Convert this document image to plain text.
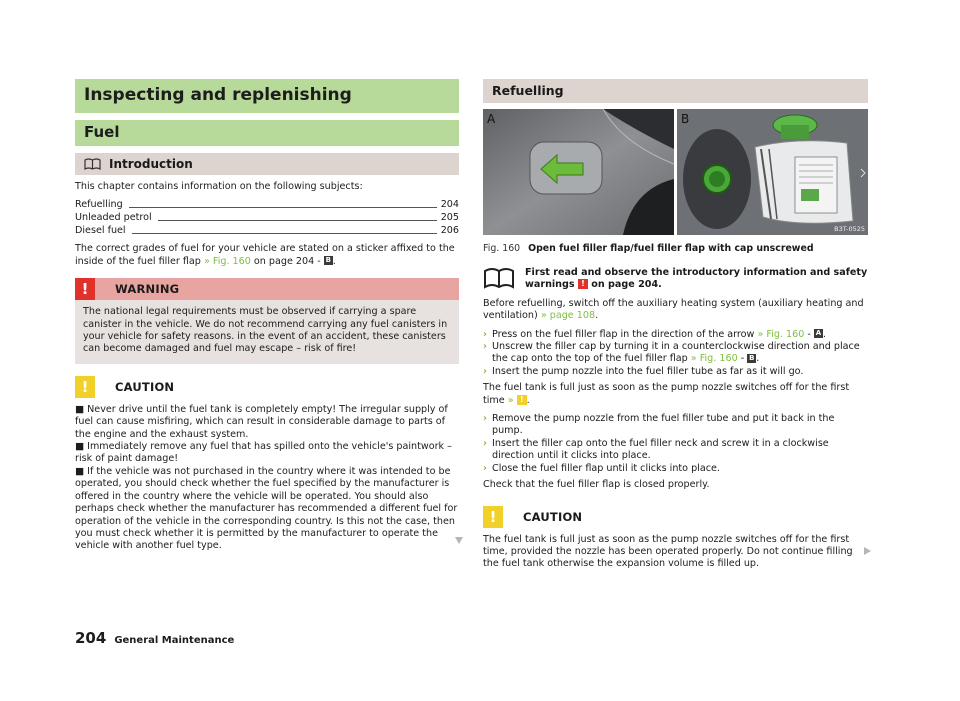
Inspecting and replenishing
Fuel
Introduction
This chapter contains information on the following subjects:
Refuelling	204
Unleaded petrol	205
Diesel fuel	206
The correct grades of fuel for your vehicle are stated on a sticker affixed to the inside of the fuel filler flap » Fig. 160 on page 204 - B .
!	WARNING
The national legal requirements must be observed if carrying a spare canister in the vehicle. We do not recommend carrying any fuel canisters in your vehicle for safety reasons. in the event of an accident, these canisters can become damaged and fuel may escape – risk of fire!
!	CAUTION
■ Never drive until the fuel tank is completely empty! The irregular supply of fuel can cause misfiring, which can result in considerable damage to parts of the engine and the exhaust system.
■ Immediately remove any fuel that has spilled onto the vehicle's paintwork – risk of paint damage!
■ If the vehicle was not purchased in the country where it was intended to be operated, you should check whether the fuel specified by the manufacturer is offered in the country where the vehicle will be operated. You should also perhaps check whether the manufacturer has recommended a different fuel for operation of the vehicle in the corresponding country. Is this not the case, then you must check whether it is permitted by the manufacturer to operate the vehicle with another fuel type.
Refuelling
A	B
B3T-0525
Fig. 160 Open fuel filler flap/fuel filler flap with cap unscrewed
First read and observe the introductory information and safety warnings ! on page 204.
Before refuelling, switch off the auxiliary heating system (auxiliary heating and ventilation) » page 108.
› Press on the fuel filler flap in the direction of the arrow » Fig. 160 - A .
› Unscrew the filler cap by turning it in a counterclockwise direction and place the cap onto the top of the fuel filler flap » Fig. 160 - B .
› Insert the pump nozzle into the fuel filler tube as far as it will go.
The fuel tank is full just as soon as the pump nozzle switches off for the first time » ! .
› Remove the pump nozzle from the fuel filler tube and put it back in the pump.
› Insert the filler cap onto the fuel filler neck and screw it in a clockwise direction until it clicks into place.
› Close the fuel filler flap until it clicks into place.
Check that the fuel filler flap is closed properly.
!	CAUTION
The fuel tank is full just as soon as the pump nozzle switches off for the first time, provided the nozzle has been operated properly. Do not continue filling the fuel tank otherwise the expansion volume is filled up.
204 General Maintenance
